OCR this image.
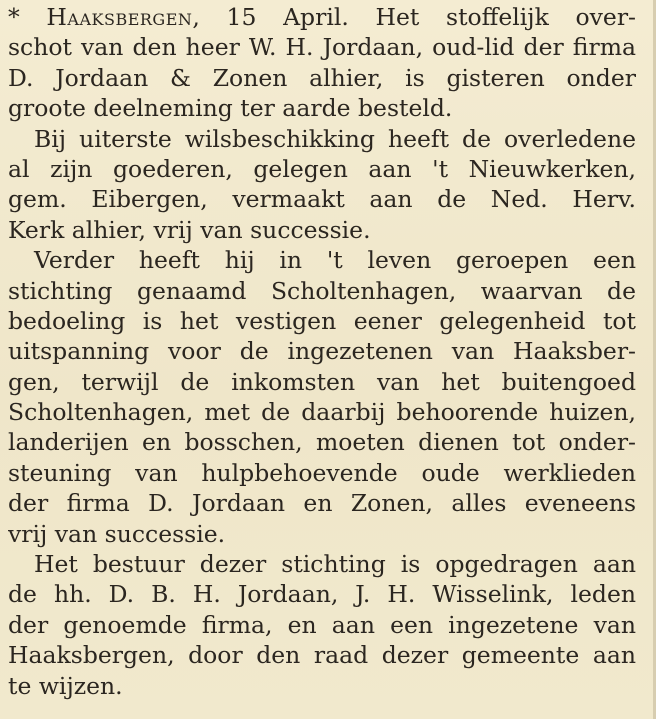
* Haaksbergen, 15 April. Het stoffelijk over-
schot van den heer W. H. Jordaan, oud-lid der firma
D. Jordaan & Zonen alhier, is gisteren onder
groote deelneming ter aarde besteld.
Bij uiterste wilsbeschikking heeft de overledene
al zijn goederen, gelegen aan 't Nieuwkerken,
gem. Eibergen, vermaakt aan de Ned. Herv.
Kerk alhier, vrij van successie.
Verder heeft hij in 't leven geroepen een
stichting genaamd Scholtenhagen, waarvan de
bedoeling is het vestigen eener gelegenheid tot
uitspanning voor de ingezetenen van Haaksber-
gen, terwijl de inkomsten van het buitengoed
Scholtenhagen, met de daarbij behoorende huizen,
landerijen en bosschen, moeten dienen tot onder-
steuning van hulpbehoevende oude werklieden
der firma D. Jordaan en Zonen, alles eveneens
vrij van successie.
Het bestuur dezer stichting is opgedragen aan
de hh. D. B. H. Jordaan, J. H. Wisselink, leden
der genoemde firma, en aan een ingezetene van
Haaksbergen, door den raad dezer gemeente aan
te wijzen.
